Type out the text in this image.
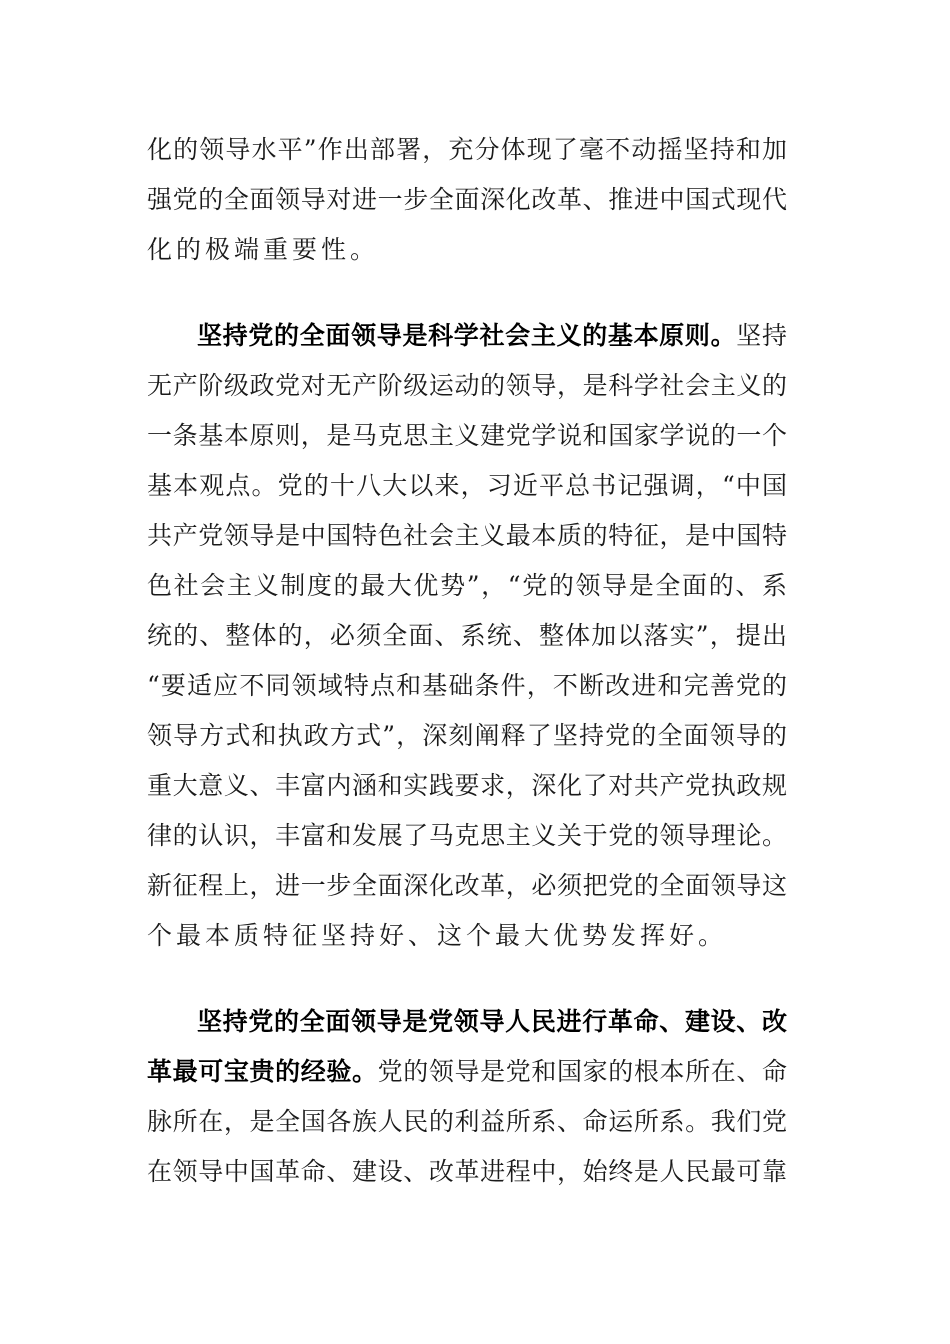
化的领导水平”作出部署，充分体现了毫不动摇坚持和加
强党的全面领导对进一步全面深化改革、推进中国式现代
化的极端重要性。
坚持党的全面领导是科学社会主义的基本原则。坚持
无产阶级政党对无产阶级运动的领导，是科学社会主义的
一条基本原则，是马克思主义建党学说和国家学说的一个
基本观点。党的十八大以来，习近平总书记强调，“中国
共产党领导是中国特色社会主义最本质的特征，是中国特
色社会主义制度的最大优势”，“党的领导是全面的、系
统的、整体的，必须全面、系统、整体加以落实”，提出
“要适应不同领域特点和基础条件，不断改进和完善党的
领导方式和执政方式”，深刻阐释了坚持党的全面领导的
重大意义、丰富内涵和实践要求，深化了对共产党执政规
律的认识，丰富和发展了马克思主义关于党的领导理论。
新征程上，进一步全面深化改革，必须把党的全面领导这
个最本质特征坚持好、这个最大优势发挥好。
坚持党的全面领导是党领导人民进行革命、建设、改
革最可宝贵的经验。党的领导是党和国家的根本所在、命
脉所在，是全国各族人民的利益所系、命运所系。我们党
在领导中国革命、建设、改革进程中，始终是人民最可靠
